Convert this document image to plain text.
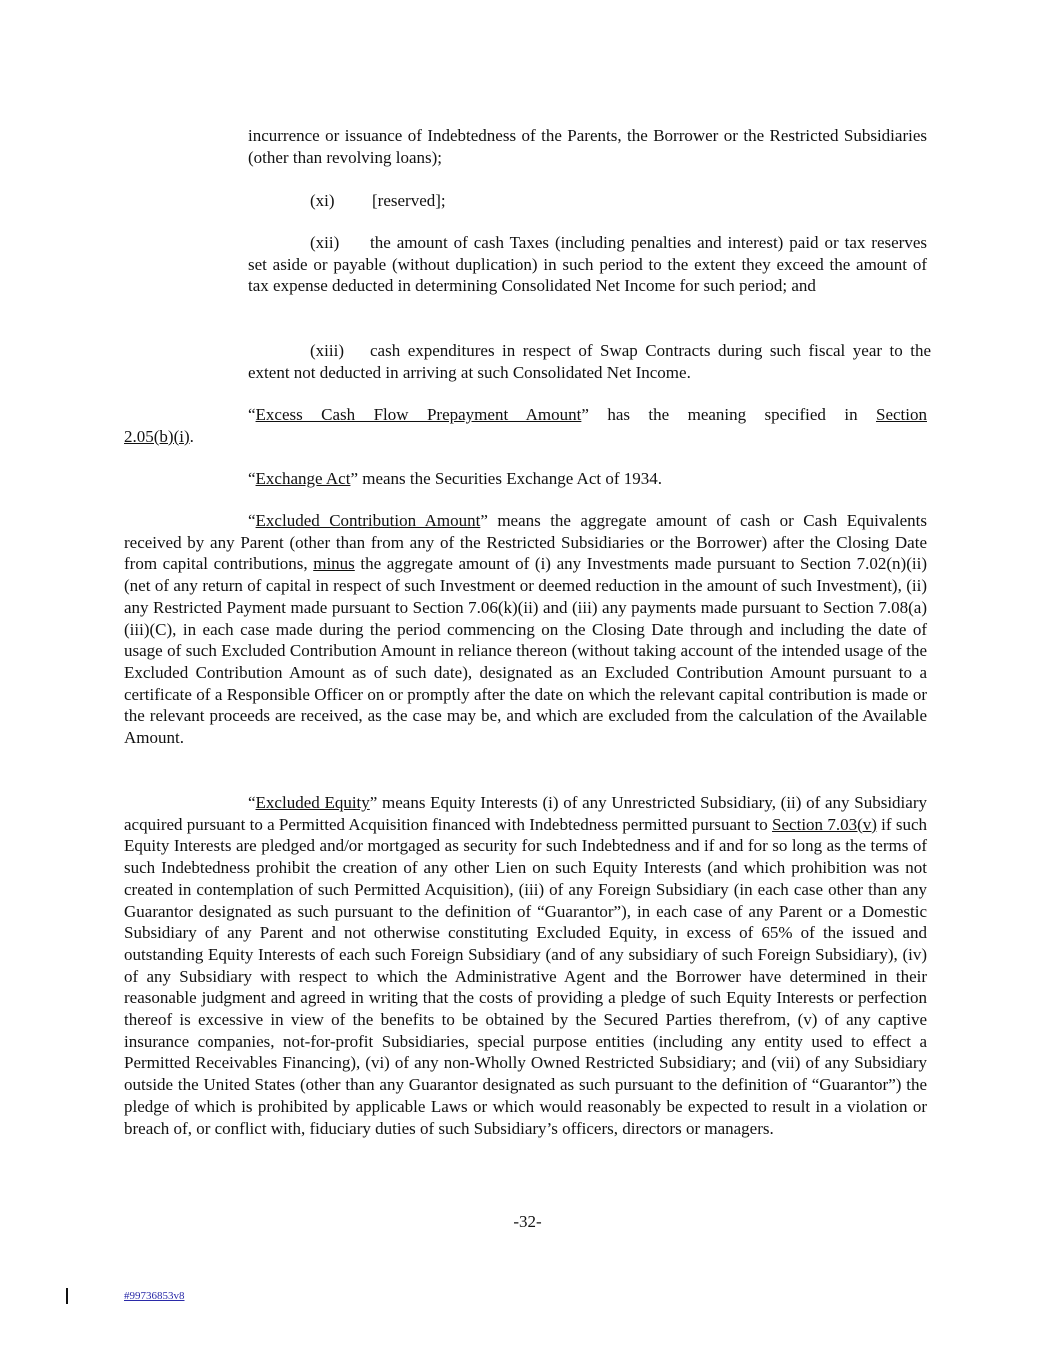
incurrence or issuance of Indebtedness of the Parents, the Borrower or the Restricted Subsidiaries (other than revolving loans);
(xi) [reserved];
(xii) the amount of cash Taxes (including penalties and interest) paid or tax reserves set aside or payable (without duplication) in such period to the extent they exceed the amount of tax expense deducted in determining Consolidated Net Income for such period; and
(xiii) cash expenditures in respect of Swap Contracts during such fiscal year to the extent not deducted in arriving at such Consolidated Net Income.
“Excess Cash Flow Prepayment Amount” has the meaning specified in Section
2.05(b)(i).
“Exchange Act” means the Securities Exchange Act of 1934.
“Excluded Contribution Amount” means the aggregate amount of cash or Cash Equivalents received by any Parent (other than from any of the Restricted Subsidiaries or the Borrower) after the Closing Date from capital contributions, minus the aggregate amount of (i) any Investments made pursuant to Section 7.02(n)(ii) (net of any return of capital in respect of such Investment or deemed reduction in the amount of such Investment), (ii) any Restricted Payment made pursuant to Section 7.06(k)(ii) and (iii) any payments made pursuant to Section 7.08(a)(iii)(C), in each case made during the period commencing on the Closing Date through and including the date of usage of such Excluded Contribution Amount in reliance thereon (without taking account of the intended usage of the Excluded Contribution Amount as of such date), designated as an Excluded Contribution Amount pursuant to a certificate of a Responsible Officer on or promptly after the date on which the relevant capital contribution is made or the relevant proceeds are received, as the case may be, and which are excluded from the calculation of the Available Amount.
“Excluded Equity” means Equity Interests (i) of any Unrestricted Subsidiary, (ii) of any Subsidiary acquired pursuant to a Permitted Acquisition financed with Indebtedness permitted pursuant to Section 7.03(v) if such Equity Interests are pledged and/or mortgaged as security for such Indebtedness and if and for so long as the terms of such Indebtedness prohibit the creation of any other Lien on such Equity Interests (and which prohibition was not created in contemplation of such Permitted Acquisition), (iii) of any Foreign Subsidiary (in each case other than any Guarantor designated as such pursuant to the definition of “Guarantor”), in each case of any Parent or a Domestic Subsidiary of any Parent and not otherwise constituting Excluded Equity, in excess of 65% of the issued and outstanding Equity Interests of each such Foreign Subsidiary (and of any subsidiary of such Foreign Subsidiary), (iv) of any Subsidiary with respect to which the Administrative Agent and the Borrower have determined in their reasonable judgment and agreed in writing that the costs of providing a pledge of such Equity Interests or perfection thereof is excessive in view of the benefits to be obtained by the Secured Parties therefrom, (v) of any captive insurance companies, not-for-profit Subsidiaries, special purpose entities (including any entity used to effect a Permitted Receivables Financing), (vi) of any non-Wholly Owned Restricted Subsidiary; and (vii) of any Subsidiary outside the United States (other than any Guarantor designated as such pursuant to the definition of “Guarantor”) the pledge of which is prohibited by applicable Laws or which would reasonably be expected to result in a violation or breach of, or conflict with, fiduciary duties of such Subsidiary’s officers, directors or managers.
-32-
#99736853v8
